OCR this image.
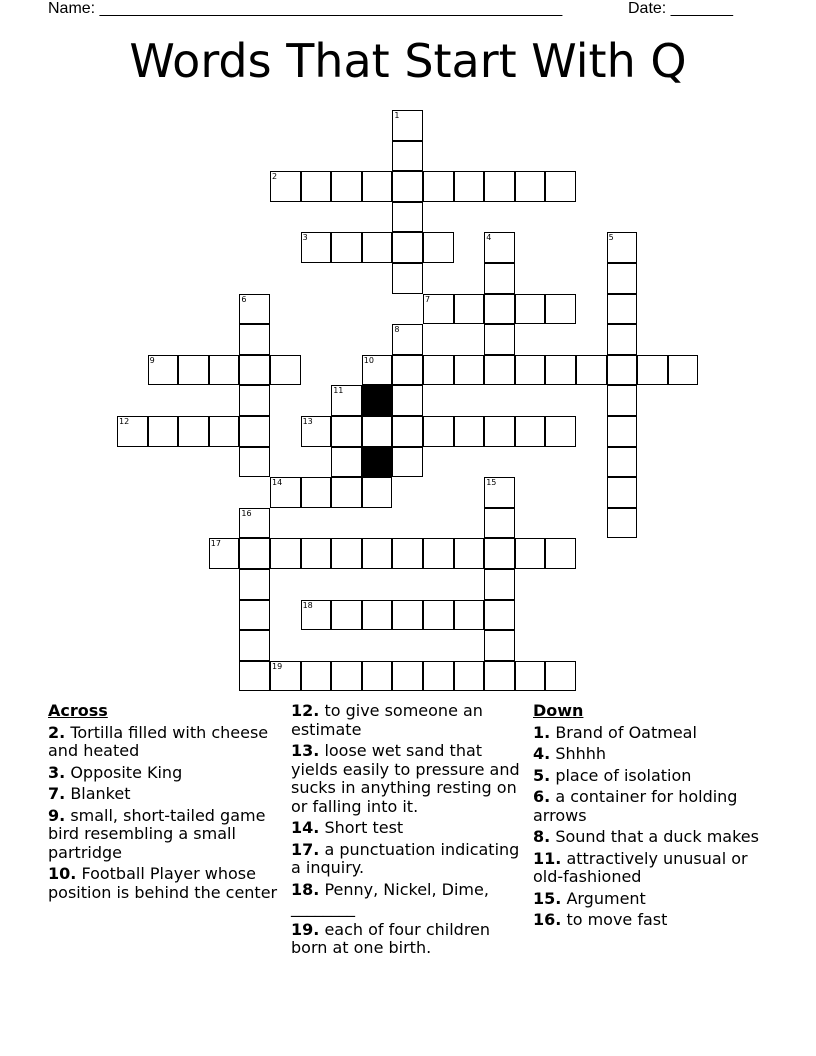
Name: ____________________________________________________	Date: _______
Words That Start With Q
1
2
3	4	5
6	7
8
9	10
11
12	13
14	15
16
17
18
19
Across
2. Tortilla filled with cheese and heated
3. Opposite King
7. Blanket
9. small, short-tailed game bird resembling a small partridge
10. Football Player whose position is behind the center
12. to give someone an estimate
13. loose wet sand that yields easily to pressure and sucks in anything resting on or falling into it.
14. Short test
17. a punctuation indicating a inquiry.
18. Penny, Nickel, Dime, ________
19. each of four children born at one birth.
Down
1. Brand of Oatmeal
4. Shhhh
5. place of isolation
6. a container for holding arrows
8. Sound that a duck makes
11. attractively unusual or old-fashioned
15. Argument
16. to move fast
